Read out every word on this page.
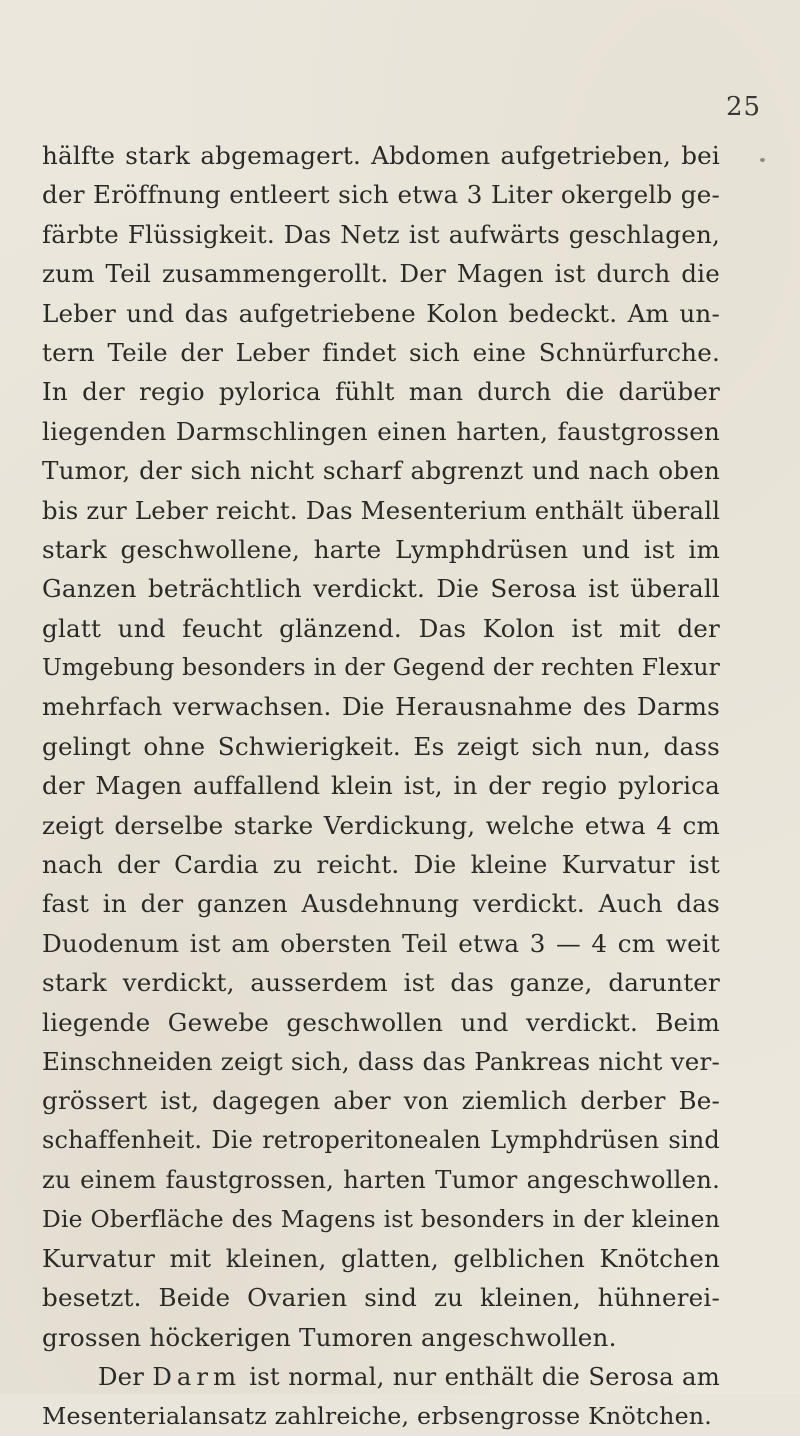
25
hälfte stark abgemagert. Abdomen aufgetrieben, bei
der Eröffnung entleert sich etwa 3 Liter okergelb ge-
färbte Flüssigkeit. Das Netz ist aufwärts geschlagen,
zum Teil zusammengerollt. Der Magen ist durch die
Leber und das aufgetriebene Kolon bedeckt. Am un-
tern Teile der Leber findet sich eine Schnürfurche.
In der regio pylorica fühlt man durch die darüber
liegenden Darmschlingen einen harten, faustgrossen
Tumor, der sich nicht scharf abgrenzt und nach oben
bis zur Leber reicht. Das Mesenterium enthält überall
stark geschwollene, harte Lymphdrüsen und ist im
Ganzen beträchtlich verdickt. Die Serosa ist überall
glatt und feucht glänzend. Das Kolon ist mit der
Umgebung besonders in der Gegend der rechten Flexur
mehrfach verwachsen. Die Herausnahme des Darms
gelingt ohne Schwierigkeit. Es zeigt sich nun, dass
der Magen auffallend klein ist, in der regio pylorica
zeigt derselbe starke Verdickung, welche etwa 4 cm
nach der Cardia zu reicht. Die kleine Kurvatur ist
fast in der ganzen Ausdehnung verdickt. Auch das
Duodenum ist am obersten Teil etwa 3 — 4 cm weit
stark verdickt, ausserdem ist das ganze, darunter
liegende Gewebe geschwollen und verdickt. Beim
Einschneiden zeigt sich, dass das Pankreas nicht ver-
grössert ist, dagegen aber von ziemlich derber Be-
schaffenheit. Die retroperitonealen Lymphdrüsen sind
zu einem faustgrossen, harten Tumor angeschwollen.
Die Oberfläche des Magens ist besonders in der kleinen
Kurvatur mit kleinen, glatten, gelblichen Knötchen
besetzt. Beide Ovarien sind zu kleinen, hühnerei-
grossen höckerigen Tumoren angeschwollen.
Der Darm ist normal, nur enthält die Serosa am
Mesenterialansatz zahlreiche, erbsengrosse Knötchen.
